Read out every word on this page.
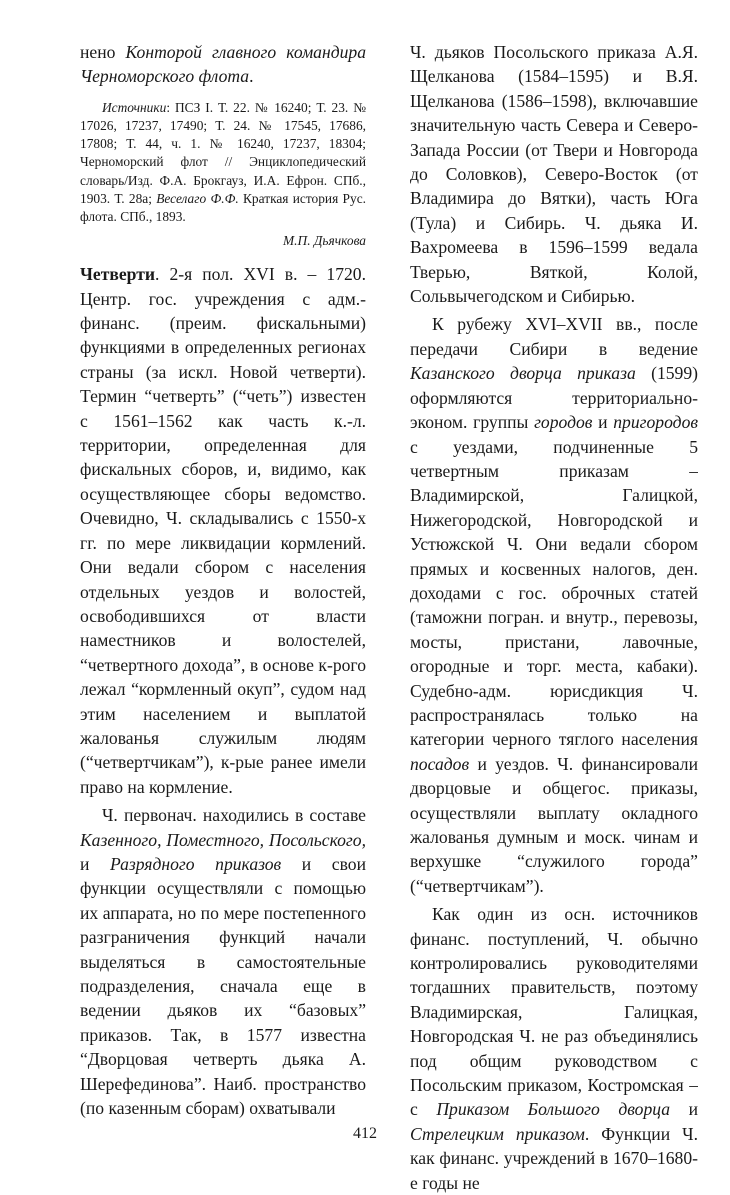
нено Конторой главного командира Черноморского флота.

Источники: ПСЗ I. Т. 22. № 16240; Т. 23. № 17026, 17237, 17490; Т. 24. № 17545, 17686, 17808; Т. 44, ч. 1. № 16240, 17237, 18304; Черноморский флот // Энциклопедический словарь/Изд. Ф.А. Брокгауз, И.А. Ефрон. СПб., 1903. Т. 28а; Веселаго Ф.Ф. Краткая история Рус. флота. СПб., 1893.

М.П. Дьячкова

Четверти. 2-я пол. XVI в. – 1720. Центр. гос. учреждения с адм.-финанс. (преим. фискальными) функциями в определенных регионах страны (за искл. Новой четверти). Термин “четверть” (“четь”) известен с 1561–1562 как часть к.-л. территории, определенная для фискальных сборов, и, видимо, как осуществляющее сборы ведомство. Очевидно, Ч. складывались с 1550-х гг. по мере ликвидации кормлений. Они ведали сбором с населения отдельных уездов и волостей, освободившихся от власти наместников и волостелей, “четвертного дохода”, в основе к-рого лежал “кормленный окуп”, судом над этим населением и выплатой жалованья служилым людям (“четвертчикам”), к-рые ранее имели право на кормление.

Ч. первонач. находились в составе Казенного, Поместного, Посольского, и Разрядного приказов и свои функции осуществляли с помощью их аппарата, но по мере постепенного разграничения функций начали выделяться в самостоятельные подразделения, сначала еще в ведении дьяков их “базовых” приказов. Так, в 1577 известна “Дворцовая четверть дьяка А. Шерефединова”. Наиб. пространство (по казенным сборам) охватывали

Ч. дьяков Посольского приказа А.Я. Щелканова (1584–1595) и В.Я. Щелканова (1586–1598), включавшие значительную часть Севера и Северо-Запада России (от Твери и Новгорода до Соловков), Северо-Восток (от Владимира до Вятки), часть Юга (Тула) и Сибирь. Ч. дьяка И. Вахромеева в 1596–1599 ведала Тверью, Вяткой, Колой, Сольвычегодском и Сибирью.

К рубежу XVI–XVII вв., после передачи Сибири в ведение Казанского дворца приказа (1599) оформляются территориально-эконом. группы городов и пригородов с уездами, подчиненные 5 четвертным приказам – Владимирской, Галицкой, Нижегородской, Новгородской и Устюжской Ч. Они ведали сбором прямых и косвенных налогов, ден. доходами с гос. оброчных статей (таможни погран. и внутр., перевозы, мосты, пристани, лавочные, огородные и торг. места, кабаки). Судебно-адм. юрисдикция Ч. распространялась только на категории черного тяглого населения посадов и уездов. Ч. финансировали дворцовые и общегос. приказы, осуществляли выплату окладного жалованья думным и моск. чинам и верхушке “служилого города” (“четвертчикам”).

Как один из осн. источников финанс. поступлений, Ч. обычно контролировались руководителями тогдашних правительств, поэтому Владимирская, Галицкая, Новгородская Ч. не раз объединялись под общим руководством с Посольским приказом, Костромская – с Приказом Большого дворца и Стрелецким приказом. Функции Ч. как финанс. учреждений в 1670–1680-е годы не

412
